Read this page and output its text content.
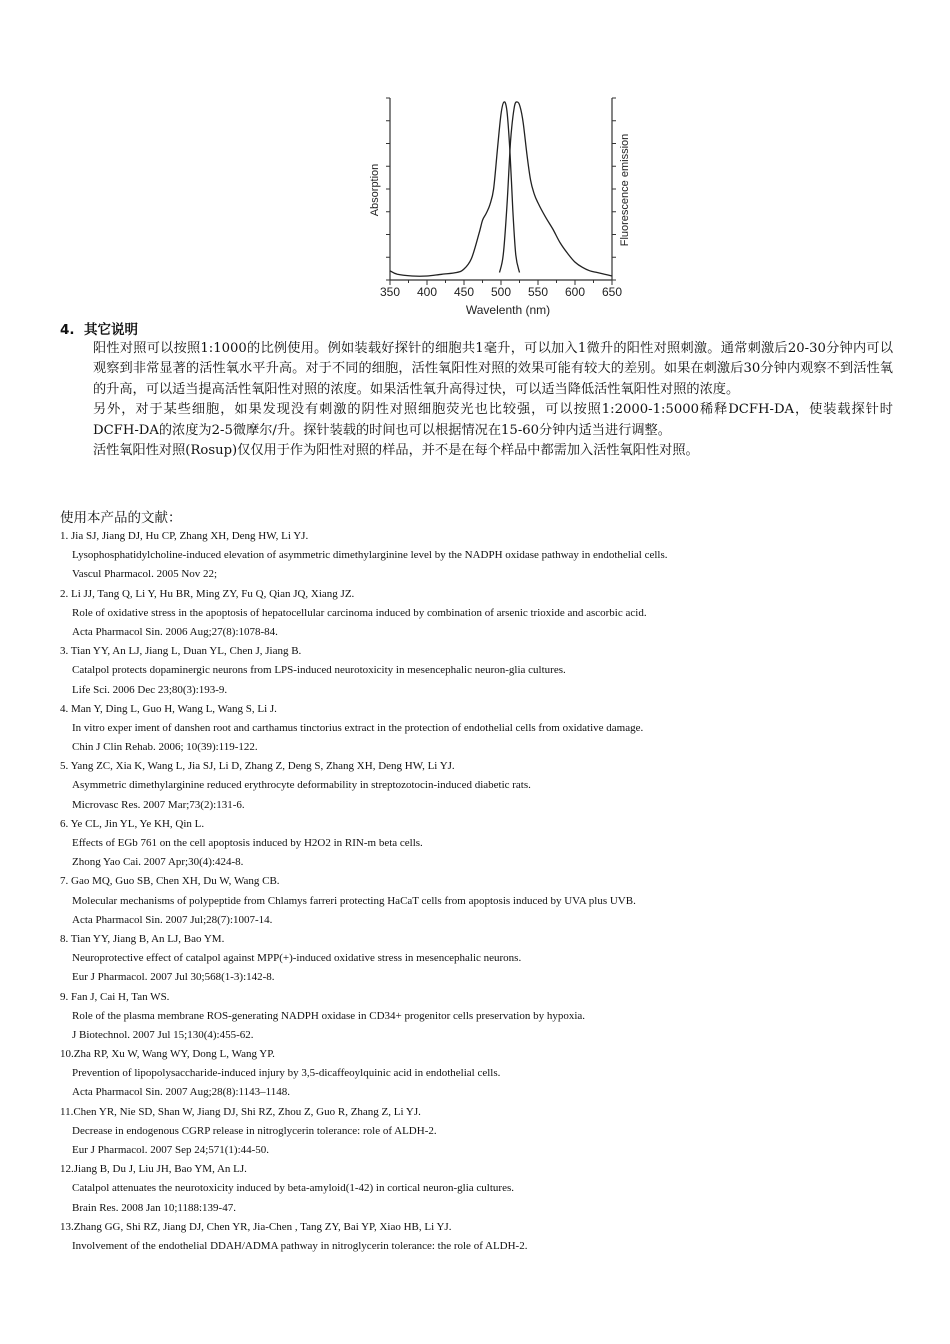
350 400 450 500 550 600 650
Absorption	Fluorescence emission
Wavelenth (nm)
4. 其它说明

阳性对照可以按照1:1000的比例使用。例如装载好探针的细胞共1毫升，可以加入1微升的阳性对照刺激。通常刺激后20-30分钟内可以观察到非常显著的活性氧水平升高。对于不同的细胞，活性氧阳性对照的效果可能有较大的差别。如果在刺激后30分钟内观察不到活性氧的升高，可以适当提高活性氧阳性对照的浓度。如果活性氧升高得过快，可以适当降低活性氧阳性对照的浓度。

另外，对于某些细胞，如果发现没有刺激的阴性对照细胞荧光也比较强，可以按照1:2000-1:5000稀释DCFH-DA，使装载探针时DCFH-DA的浓度为2-5微摩尔/升。探针装载的时间也可以根据情况在15-60分钟内适当进行调整。

活性氧阳性对照(Rosup)仅仅用于作为阳性对照的样品，并不是在每个样品中都需加入活性氧阳性对照。

使用本产品的文献：
1. Jia SJ, Jiang DJ, Hu CP, Zhang XH, Deng HW, Li YJ.
Lysophosphatidylcholine-induced elevation of asymmetric dimethylarginine level by the NADPH oxidase pathway in endothelial cells.
Vascul Pharmacol. 2005 Nov 22;
2. Li JJ, Tang Q, Li Y, Hu BR, Ming ZY, Fu Q, Qian JQ, Xiang JZ.
Role of oxidative stress in the apoptosis of hepatocellular carcinoma induced by combination of arsenic trioxide and ascorbic acid.
Acta Pharmacol Sin. 2006 Aug;27(8):1078-84.
3. Tian YY, An LJ, Jiang L, Duan YL, Chen J, Jiang B.
Catalpol protects dopaminergic neurons from LPS-induced neurotoxicity in mesencephalic neuron-glia cultures.
Life Sci. 2006 Dec 23;80(3):193-9.
4. Man Y, Ding L, Guo H, Wang L, Wang S, Li J.
In vitro exper iment of danshen root and carthamus tinctorius extract in the protection of endothelial cells from oxidative damage.
Chin J Clin Rehab. 2006; 10(39):119-122.
5. Yang ZC, Xia K, Wang L, Jia SJ, Li D, Zhang Z, Deng S, Zhang XH, Deng HW, Li YJ.
Asymmetric dimethylarginine reduced erythrocyte deformability in streptozotocin-induced diabetic rats.
Microvasc Res. 2007 Mar;73(2):131-6.
6. Ye CL, Jin YL, Ye KH, Qin L.
Effects of EGb 761 on the cell apoptosis induced by H2O2 in RIN-m beta cells.
Zhong Yao Cai. 2007 Apr;30(4):424-8.
7. Gao MQ, Guo SB, Chen XH, Du W, Wang CB.
Molecular mechanisms of polypeptide from Chlamys farreri protecting HaCaT cells from apoptosis induced by UVA plus UVB.
Acta Pharmacol Sin. 2007 Jul;28(7):1007-14.
8. Tian YY, Jiang B, An LJ, Bao YM.
Neuroprotective effect of catalpol against MPP(+)-induced oxidative stress in mesencephalic neurons.
Eur J Pharmacol. 2007 Jul 30;568(1-3):142-8.
9. Fan J, Cai H, Tan WS.
Role of the plasma membrane ROS-generating NADPH oxidase in CD34+ progenitor cells preservation by hypoxia.
J Biotechnol. 2007 Jul 15;130(4):455-62.
10.Zha RP, Xu W, Wang WY, Dong L, Wang YP.
Prevention of lipopolysaccharide-induced injury by 3,5-dicaffeoylquinic acid in endothelial cells.
Acta Pharmacol Sin. 2007 Aug;28(8):1143–1148.
11.Chen YR, Nie SD, Shan W, Jiang DJ, Shi RZ, Zhou Z, Guo R, Zhang Z, Li YJ.
Decrease in endogenous CGRP release in nitroglycerin tolerance: role of ALDH-2.
Eur J Pharmacol. 2007 Sep 24;571(1):44-50.
12.Jiang B, Du J, Liu JH, Bao YM, An LJ.
Catalpol attenuates the neurotoxicity induced by beta-amyloid(1-42) in cortical neuron-glia cultures.
Brain Res. 2008 Jan 10;1188:139-47.
13.Zhang GG, Shi RZ, Jiang DJ, Chen YR, Jia-Chen , Tang ZY, Bai YP, Xiao HB, Li YJ.
Involvement of the endothelial DDAH/ADMA pathway in nitroglycerin tolerance: the role of ALDH-2.
